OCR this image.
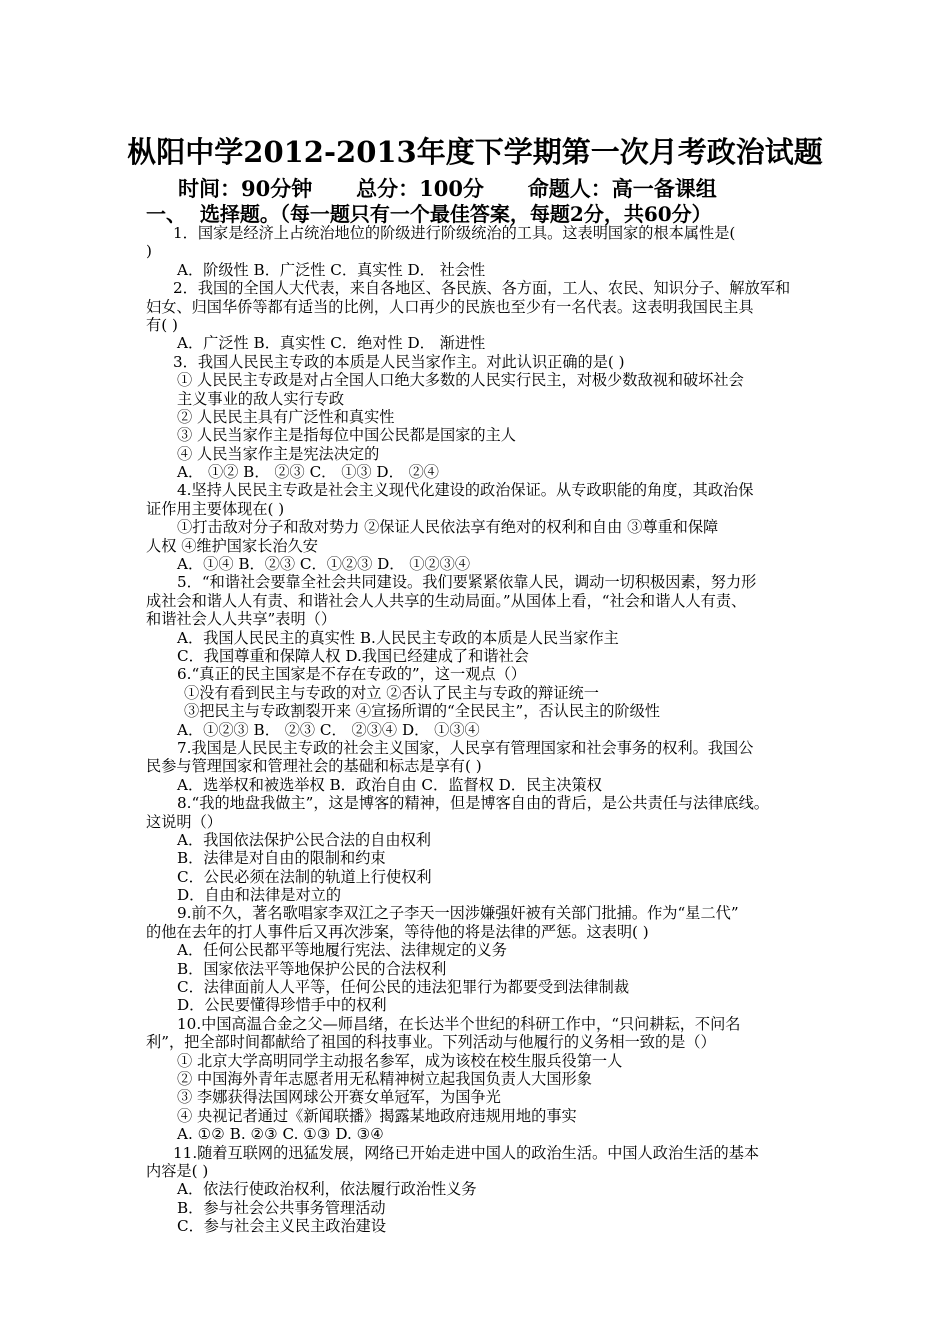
枞阳中学2012-2013年度下学期第一次月考政治试题
时间：90分钟      总分：100分      命题人：高一备课组
一、  选择题。（每一题只有一个最佳答案，每题2分，共60分）
1．国家是经济上占统治地位的阶级进行阶级统治的工具。这表明国家的根本属性是(
)
A．阶级性 B．广泛性 C．真实性 D． 社会性
2．我国的全国人大代表，来自各地区、各民族、各方面，工人、农民、知识分子、解放军和
妇女、归国华侨等都有适当的比例，人口再少的民族也至少有一名代表。这表明我国民主具
有( )
A．广泛性 B．真实性 C．绝对性 D． 渐进性
3．我国人民民主专政的本质是人民当家作主。对此认识正确的是( )
① 人民民主专政是对占全国人口绝大多数的人民实行民主，对极少数敌视和破坏社会
主义事业的敌人实行专政
② 人民民主具有广泛性和真实性
③ 人民当家作主是指每位中国公民都是国家的主人
④ 人民当家作主是宪法决定的
A． ①② B． ②③ C． ①③ D． ②④
4.坚持人民民主专政是社会主义现代化建设的政治保证。从专政职能的角度，其政治保
证作用主要体现在( )
①打击敌对分子和敌对势力 ②保证人民依法享有绝对的权利和自由 ③尊重和保障
人权 ④维护国家长治久安
A．①④ B．②③ C．①②③ D． ①②③④
5．“和谐社会要靠全社会共同建设。我们要紧紧依靠人民，调动一切积极因素，努力形
成社会和谐人人有责、和谐社会人人共享的生动局面。”从国体上看，“社会和谐人人有责、
和谐社会人人共享”表明（）
A．我国人民民主的真实性 B.人民民主专政的本质是人民当家作主
C．我国尊重和保障人权 D.我国已经建成了和谐社会
6.“真正的民主国家是不存在专政的”，这一观点（）
①没有看到民主与专政的对立 ②否认了民主与专政的辩证统一
③把民主与专政割裂开来 ④宣扬所谓的“全民民主”，否认民主的阶级性
A．①②③ B． ②③ C． ②③④ D． ①③④
7.我国是人民民主专政的社会主义国家，人民享有管理国家和社会事务的权利。我国公
民参与管理国家和管理社会的基础和标志是享有( )
A．选举权和被选举权 B．政治自由 C．监督权 D．民主决策权
8.“我的地盘我做主”，这是博客的精神，但是博客自由的背后，是公共责任与法律底线。
这说明（）
A．我国依法保护公民合法的自由权利
B．法律是对自由的限制和约束
C．公民必须在法制的轨道上行使权利
D．自由和法律是对立的
9.前不久，著名歌唱家李双江之子李天一因涉嫌强奸被有关部门批捕。作为“星二代”
的他在去年的打人事件后又再次涉案，等待他的将是法律的严惩。这表明( )
A．任何公民都平等地履行宪法、法律规定的义务
B．国家依法平等地保护公民的合法权利
C．法律面前人人平等，任何公民的违法犯罪行为都要受到法律制裁
D．公民要懂得珍惜手中的权利
10.中国高温合金之父—师昌绪，在长达半个世纪的科研工作中，“只问耕耘，不问名
利”，把全部时间都献给了祖国的科技事业。下列活动与他履行的义务相一致的是（）
① 北京大学高明同学主动报名参军，成为该校在校生服兵役第一人
② 中国海外青年志愿者用无私精神树立起我国负责人大国形象
③ 李娜获得法国网球公开赛女单冠军，为国争光
④ 央视记者通过《新闻联播》揭露某地政府违规用地的事实
A. ①② B. ②③ C. ①③ D. ③④
11.随着互联网的迅猛发展，网络已开始走进中国人的政治生活。中国人政治生活的基本
内容是( )
A．依法行使政治权利，依法履行政治性义务
B．参与社会公共事务管理活动
C．参与社会主义民主政治建设
